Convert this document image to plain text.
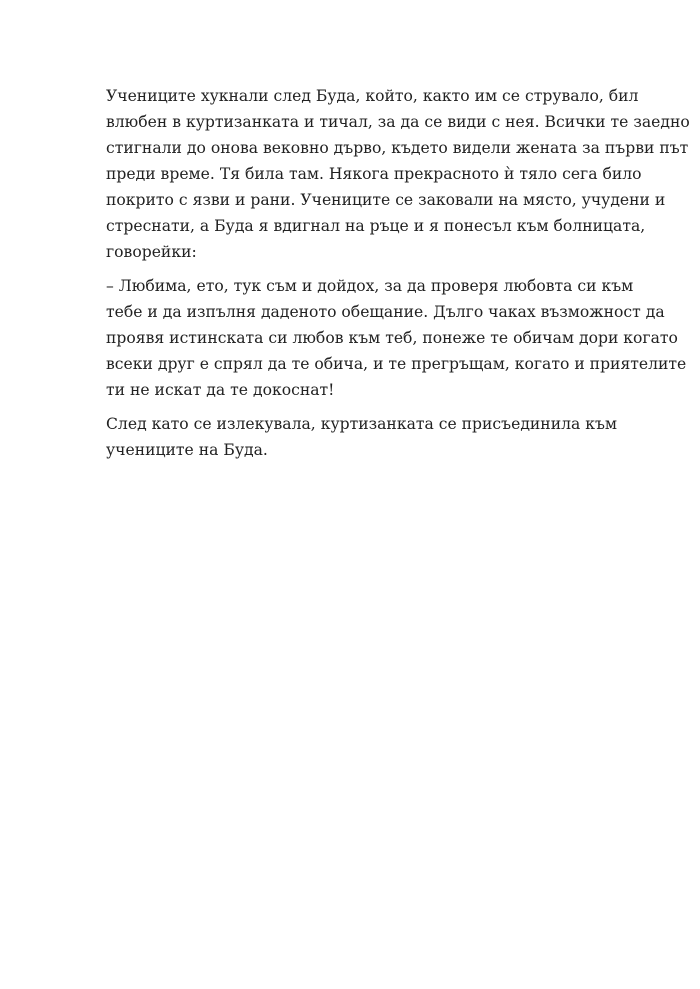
Учениците хукнали след Буда, който, както им се струвало, бил
влюбен в куртизанката и тичал, за да се види с нея. Всички те заедно
стигнали до онова вековно дърво, където видели жената за първи път
преди време. Тя била там. Някога прекрасното ѝ тяло сега било
покрито с язви и рани. Учениците се заковали на място, учудени и
стреснати, а Буда я вдигнал на ръце и я понесъл към болницата,
говорейки:

– Любима, ето, тук съм и дойдох, за да проверя любовта си към
тебе и да изпълня даденото обещание. Дълго чаках възможност да
проявя истинската си любов към теб, понеже те обичам дори когато
всеки друг е спрял да те обича, и те прегръщам, когато и приятелите
ти не искат да те докоснат!

След като се излекувала, куртизанката се присъединила към
учениците на Буда.
